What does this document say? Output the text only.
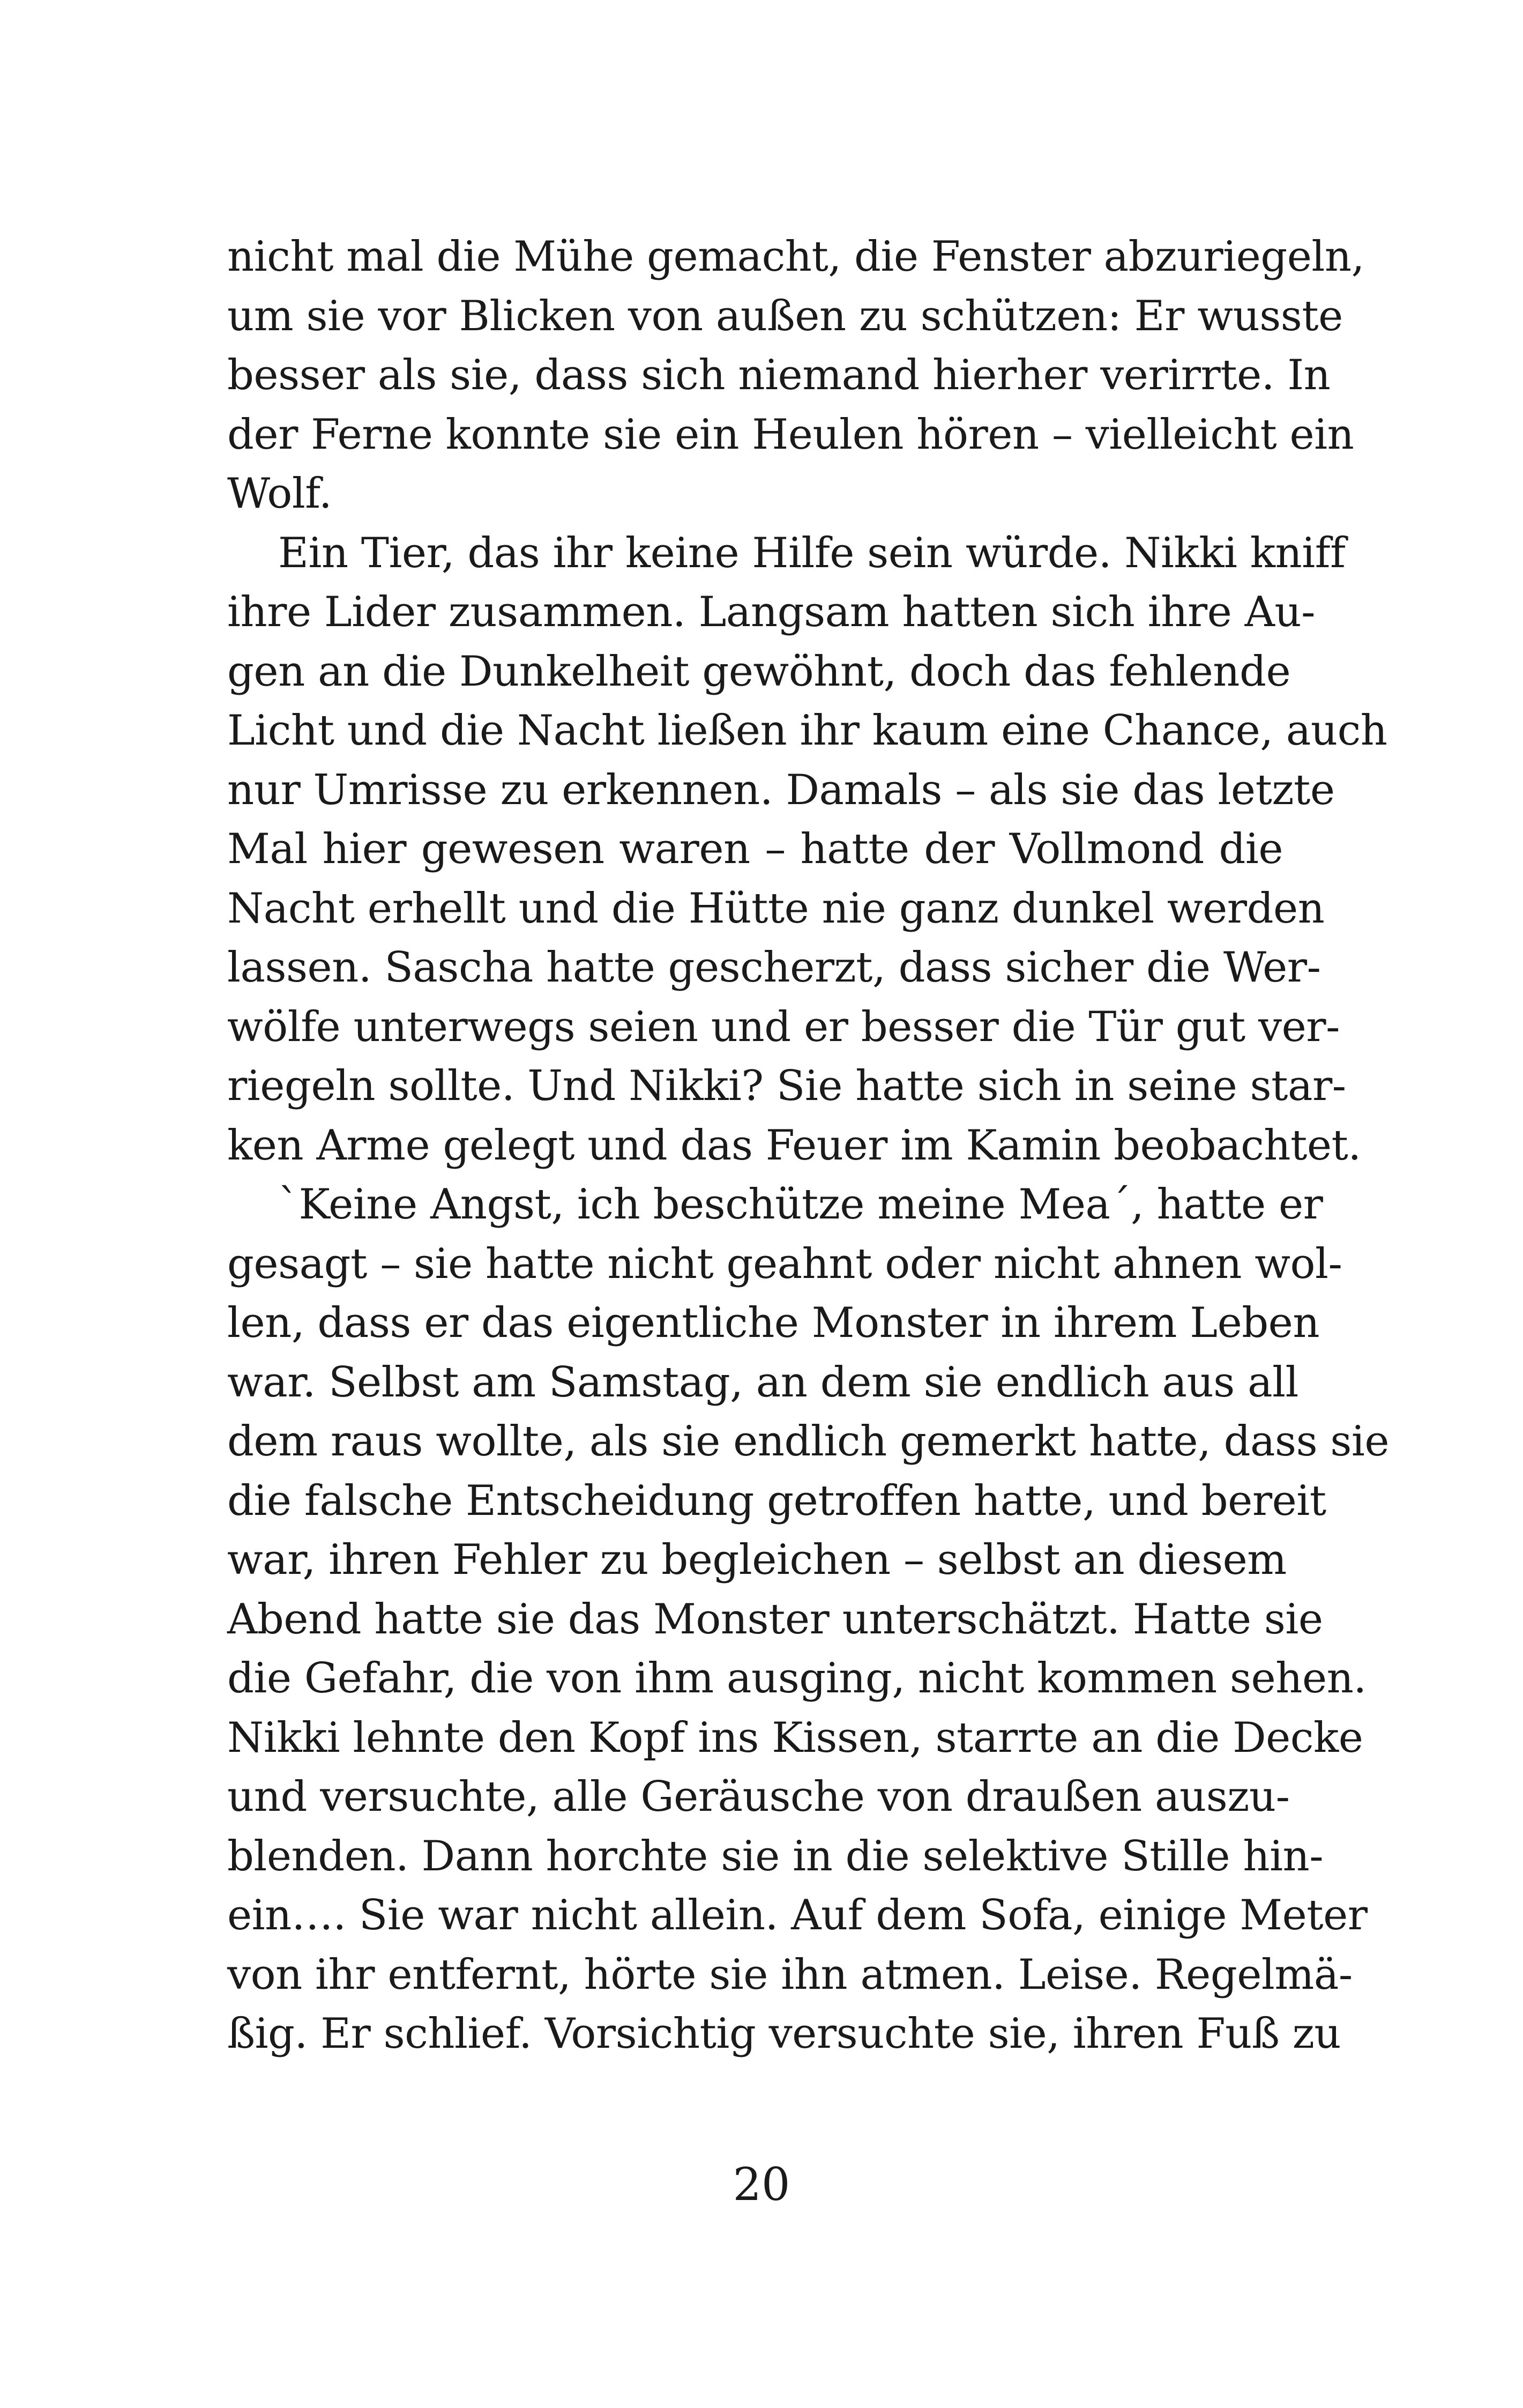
nicht mal die Mühe gemacht, die Fenster abzuriegeln,
um sie vor Blicken von außen zu schützen: Er wusste
besser als sie, dass sich niemand hierher verirrte. In
der Ferne konnte sie ein Heulen hören – vielleicht ein
Wolf.
Ein Tier, das ihr keine Hilfe sein würde. Nikki kniff
ihre Lider zusammen. Langsam hatten sich ihre Au-
gen an die Dunkelheit gewöhnt, doch das fehlende
Licht und die Nacht ließen ihr kaum eine Chance, auch
nur Umrisse zu erkennen. Damals – als sie das letzte
Mal hier gewesen waren – hatte der Vollmond die
Nacht erhellt und die Hütte nie ganz dunkel werden
lassen. Sascha hatte gescherzt, dass sicher die Wer-
wölfe unterwegs seien und er besser die Tür gut ver-
riegeln sollte. Und Nikki? Sie hatte sich in seine star-
ken Arme gelegt und das Feuer im Kamin beobachtet.
`Keine Angst, ich beschütze meine Mea´, hatte er
gesagt – sie hatte nicht geahnt oder nicht ahnen wol-
len, dass er das eigentliche Monster in ihrem Leben
war. Selbst am Samstag, an dem sie endlich aus all
dem raus wollte, als sie endlich gemerkt hatte, dass sie
die falsche Entscheidung getroffen hatte, und bereit
war, ihren Fehler zu begleichen – selbst an diesem
Abend hatte sie das Monster unterschätzt. Hatte sie
die Gefahr, die von ihm ausging, nicht kommen sehen.
Nikki lehnte den Kopf ins Kissen, starrte an die Decke
und versuchte, alle Geräusche von draußen auszu-
blenden. Dann horchte sie in die selektive Stille hin-
ein…. Sie war nicht allein. Auf dem Sofa, einige Meter
von ihr entfernt, hörte sie ihn atmen. Leise. Regelmä-
ßig. Er schlief. Vorsichtig versuchte sie, ihren Fuß zu
20
